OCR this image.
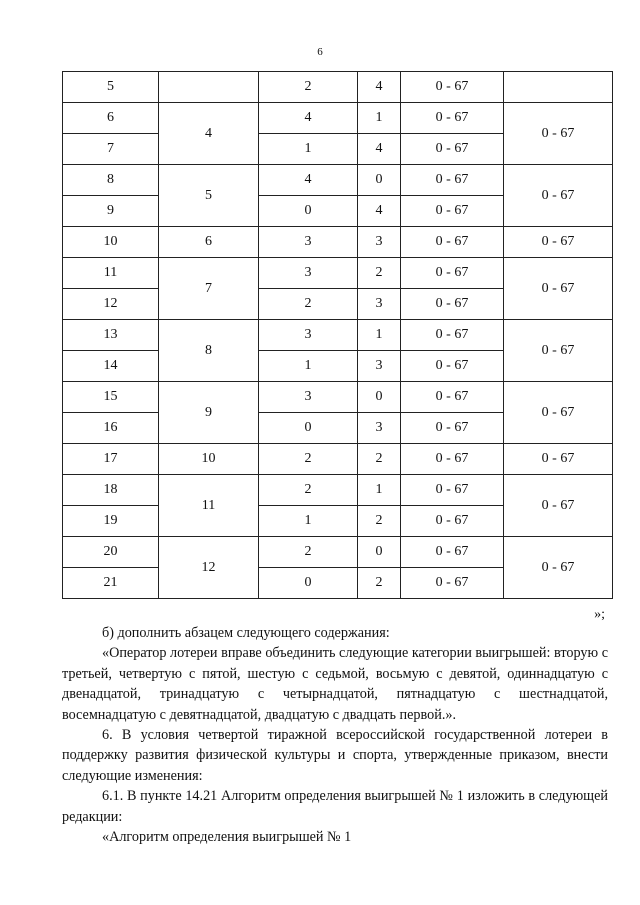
6
5		2	4	0 - 67	
6	4	4	1	0 - 67	0 - 67
7		1	4	0 - 67	
8	5	4	0	0 - 67	0 - 67
9		0	4	0 - 67	
10	6	3	3	0 - 67	0 - 67
11	7	3	2	0 - 67	0 - 67
12		2	3	0 - 67	
13	8	3	1	0 - 67	0 - 67
14		1	3	0 - 67	
15	9	3	0	0 - 67	0 - 67
16		0	3	0 - 67	
17	10	2	2	0 - 67	0 - 67
18	11	2	1	0 - 67	0 - 67
19		1	2	0 - 67	
20	12	2	0	0 - 67	0 - 67
21		0	2	0 - 67	
»;

б) дополнить абзацем следующего содержания:

«Оператор лотереи вправе объединить следующие категории выигрышей: вторую с третьей, четвертую с пятой, шестую с седьмой, восьмую с девятой, одиннадцатую с двенадцатой, тринадцатую с четырнадцатой, пятнадцатую с шестнадцатой, восемнадцатую с девятнадцатой, двадцатую с двадцать первой.».

6. В условия четвертой тиражной всероссийской государственной лотереи в поддержку развития физической культуры и спорта, утвержденные приказом, внести следующие изменения:

6.1. В пункте 14.21 Алгоритм определения выигрышей № 1 изложить в следующей редакции:

«Алгоритм определения выигрышей № 1
